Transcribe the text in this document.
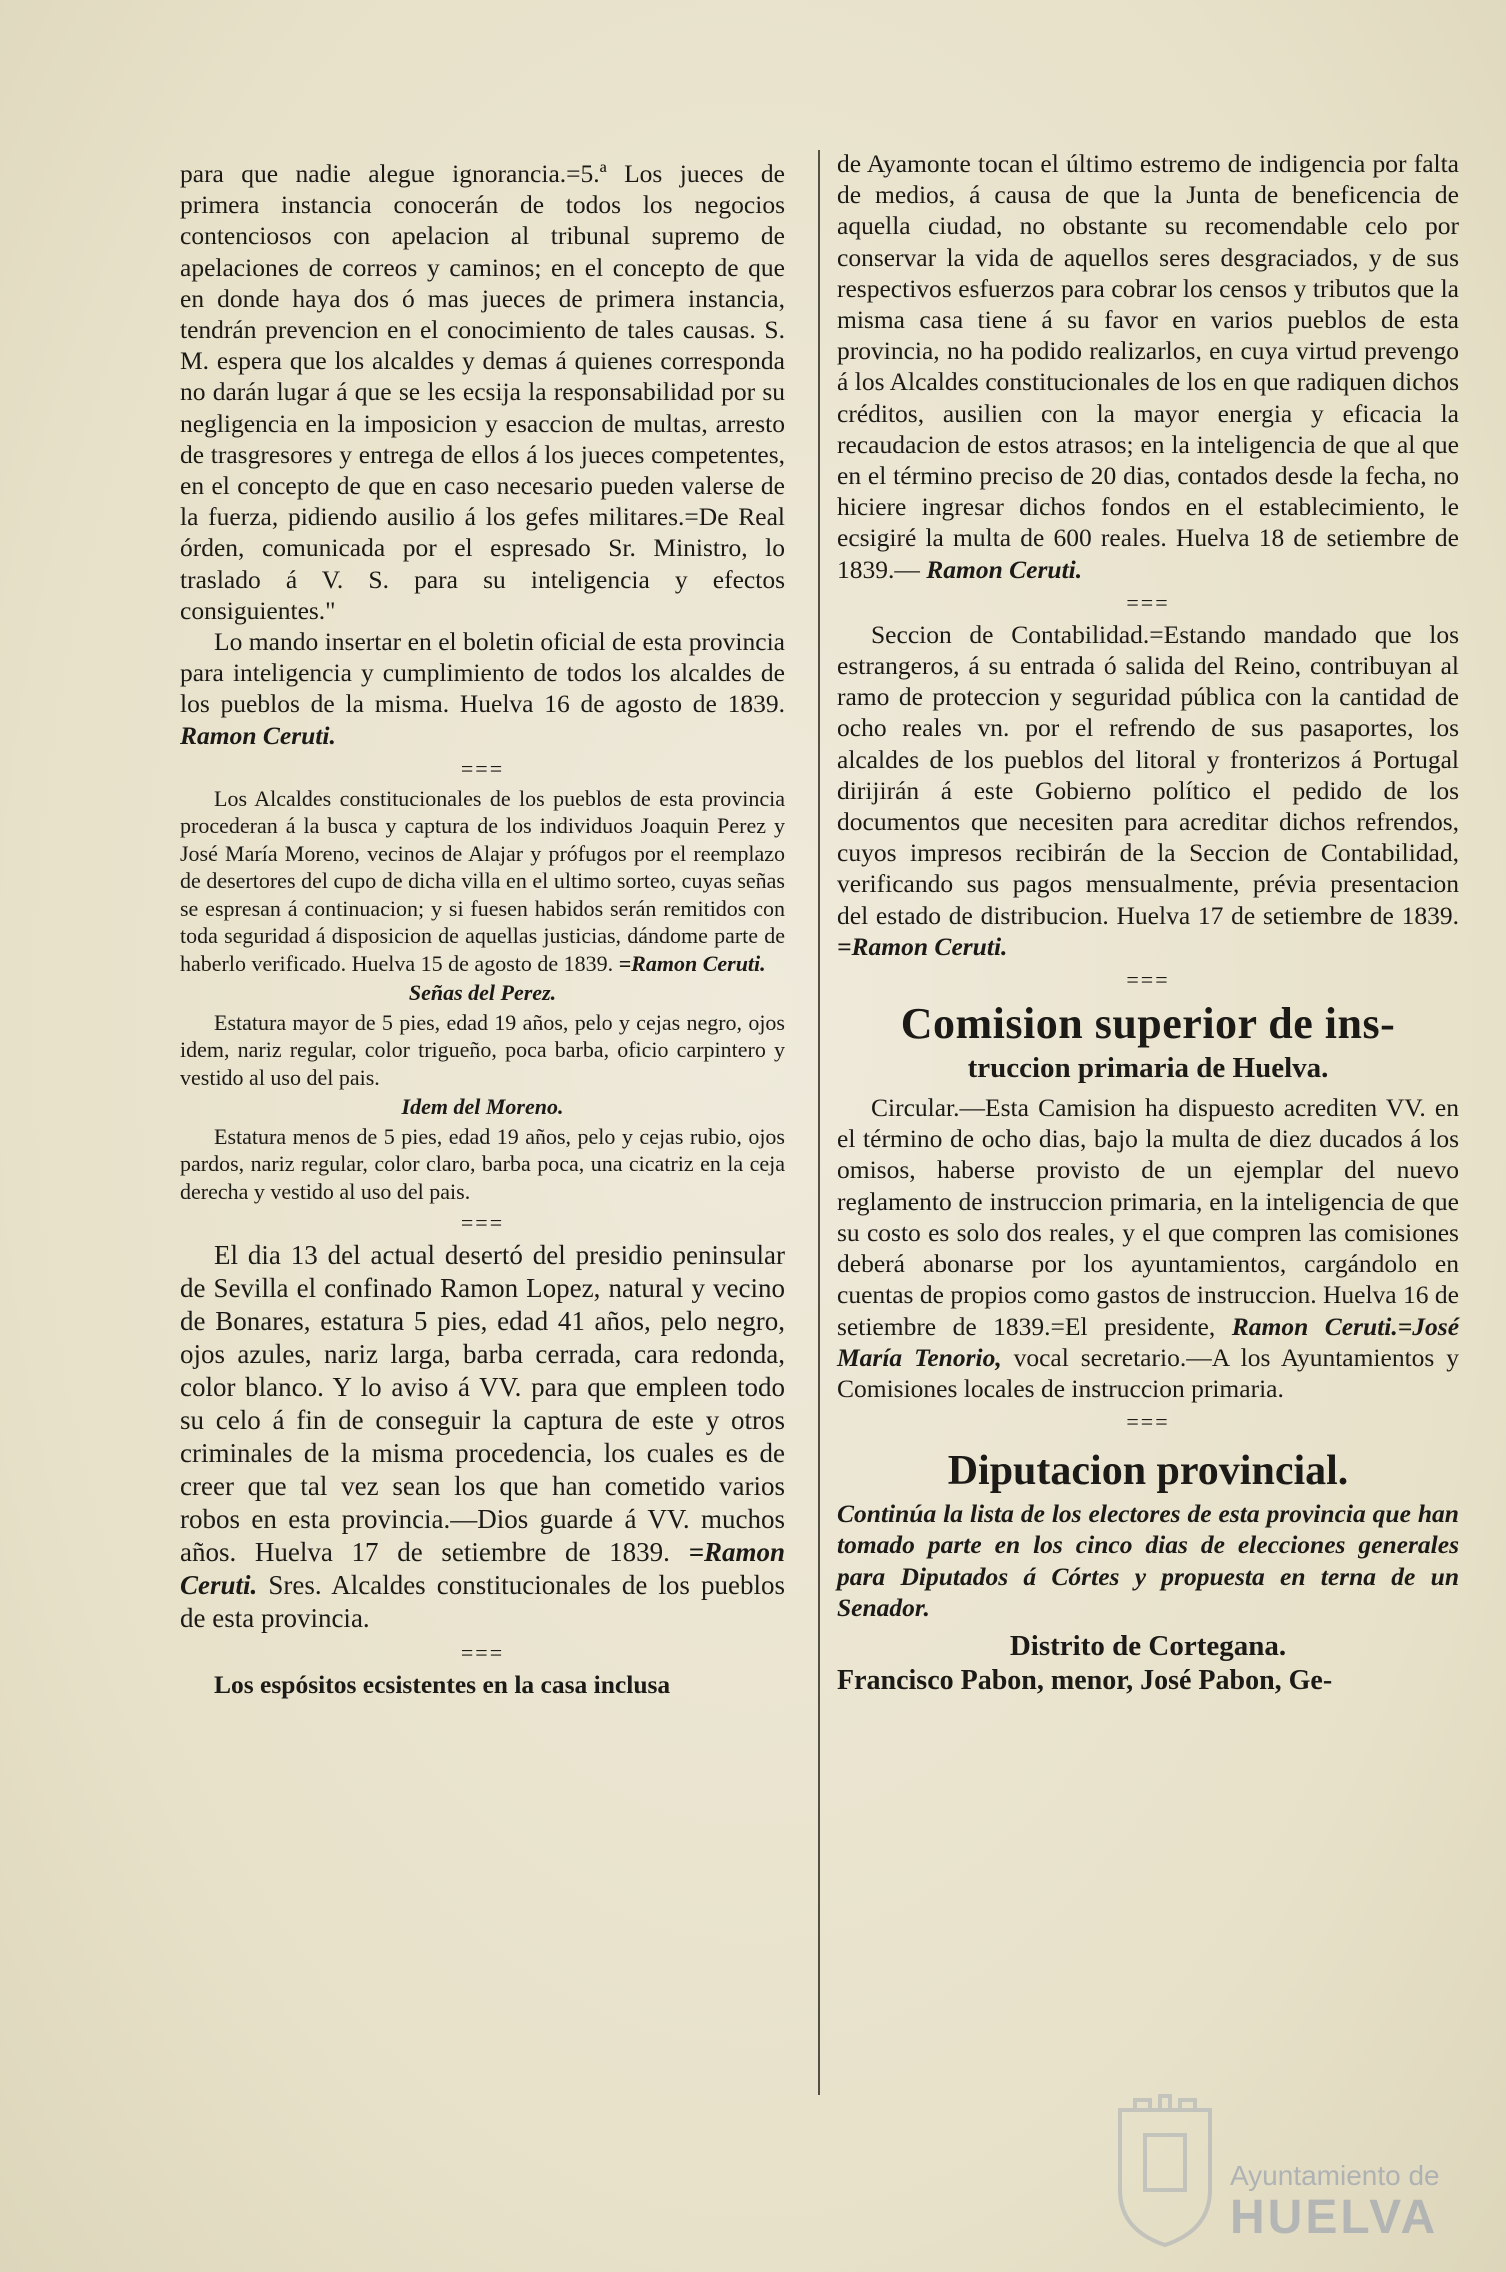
para que nadie alegue ignorancia.=5.ª Los jueces de primera instancia conocerán de todos los negocios contenciosos con apelacion al tribunal supremo de apelaciones de correos y caminos; en el concepto de que en donde haya dos ó mas jueces de primera instancia, tendrán prevencion en el conocimiento de tales causas. S. M. espera que los alcaldes y demas á quienes corresponda no darán lugar á que se les ecsija la responsabilidad por su negligencia en la imposicion y esaccion de multas, arresto de trasgresores y entrega de ellos á los jueces competentes, en el concepto de que en caso necesario pueden valerse de la fuerza, pidiendo ausilio á los gefes militares.=De Real órden, comunicada por el espresado Sr. Ministro, lo traslado á V. S. para su inteligencia y efectos consiguientes."

Lo mando insertar en el boletin oficial de esta provincia para inteligencia y cumplimiento de todos los alcaldes de los pueblos de la misma. Huelva 16 de agosto de 1839. Ramon Ceruti.

===

Los Alcaldes constitucionales de los pueblos de esta provincia procederan á la busca y captura de los individuos Joaquin Perez y José María Moreno, vecinos de Alajar y prófugos por el reemplazo de desertores del cupo de dicha villa en el ultimo sorteo, cuyas señas se espresan á continuacion; y si fuesen habidos serán remitidos con toda seguridad á disposicion de aquellas justicias, dándome parte de haberlo verificado. Huelva 15 de agosto de 1839. =Ramon Ceruti.

Señas del Perez.

Estatura mayor de 5 pies, edad 19 años, pelo y cejas negro, ojos idem, nariz regular, color trigueño, poca barba, oficio carpintero y vestido al uso del pais.

Idem del Moreno.

Estatura menos de 5 pies, edad 19 años, pelo y cejas rubio, ojos pardos, nariz regular, color claro, barba poca, una cicatriz en la ceja derecha y vestido al uso del pais.

===

El dia 13 del actual desertó del presidio peninsular de Sevilla el confinado Ramon Lopez, natural y vecino de Bonares, estatura 5 pies, edad 41 años, pelo negro, ojos azules, nariz larga, barba cerrada, cara redonda, color blanco. Y lo aviso á VV. para que empleen todo su celo á fin de conseguir la captura de este y otros criminales de la misma procedencia, los cuales es de creer que tal vez sean los que han cometido varios robos en esta provincia.—Dios guarde á VV. muchos años. Huelva 17 de setiembre de 1839. =Ramon Ceruti. Sres. Alcaldes constitucionales de los pueblos de esta provincia.

===

Los espósitos ecsistentes en la casa inclusa

de Ayamonte tocan el último estremo de indigencia por falta de medios, á causa de que la Junta de beneficencia de aquella ciudad, no obstante su recomendable celo por conservar la vida de aquellos seres desgraciados, y de sus respectivos esfuerzos para cobrar los censos y tributos que la misma casa tiene á su favor en varios pueblos de esta provincia, no ha podido realizarlos, en cuya virtud prevengo á los Alcaldes constitucionales de los en que radiquen dichos créditos, ausilien con la mayor energia y eficacia la recaudacion de estos atrasos; en la inteligencia de que al que en el término preciso de 20 dias, contados desde la fecha, no hiciere ingresar dichos fondos en el establecimiento, le ecsigiré la multa de 600 reales. Huelva 18 de setiembre de 1839.— Ramon Ceruti.

===

Seccion de Contabilidad.=Estando mandado que los estrangeros, á su entrada ó salida del Reino, contribuyan al ramo de proteccion y seguridad pública con la cantidad de ocho reales vn. por el refrendo de sus pasaportes, los alcaldes de los pueblos del litoral y fronterizos á Portugal dirijirán á este Gobierno político el pedido de los documentos que necesiten para acreditar dichos refrendos, cuyos impresos recibirán de la Seccion de Contabilidad, verificando sus pagos mensualmente, prévia presentacion del estado de distribucion. Huelva 17 de setiembre de 1839. =Ramon Ceruti.

===
Comision superior de ins-
truccion primaria de Huelva.

Circular.—Esta Camision ha dispuesto acrediten VV. en el término de ocho dias, bajo la multa de diez ducados á los omisos, haberse provisto de un ejemplar del nuevo reglamento de instruccion primaria, en la inteligencia de que su costo es solo dos reales, y el que compren las comisiones deberá abonarse por los ayuntamientos, cargándolo en cuentas de propios como gastos de instruccion. Huelva 16 de setiembre de 1839.=El presidente, Ramon Ceruti.=José María Tenorio, vocal secretario.—A los Ayuntamientos y Comisiones locales de instruccion primaria.

===
Diputacion provincial.

Continúa la lista de los electores de esta provincia que han tomado parte en los cinco dias de elecciones generales para Diputados á Córtes y propuesta en terna de un Senador.

Distrito de Cortegana.

Francisco Pabon, menor, José Pabon, Ge-

Ayuntamiento de
HUELVA
